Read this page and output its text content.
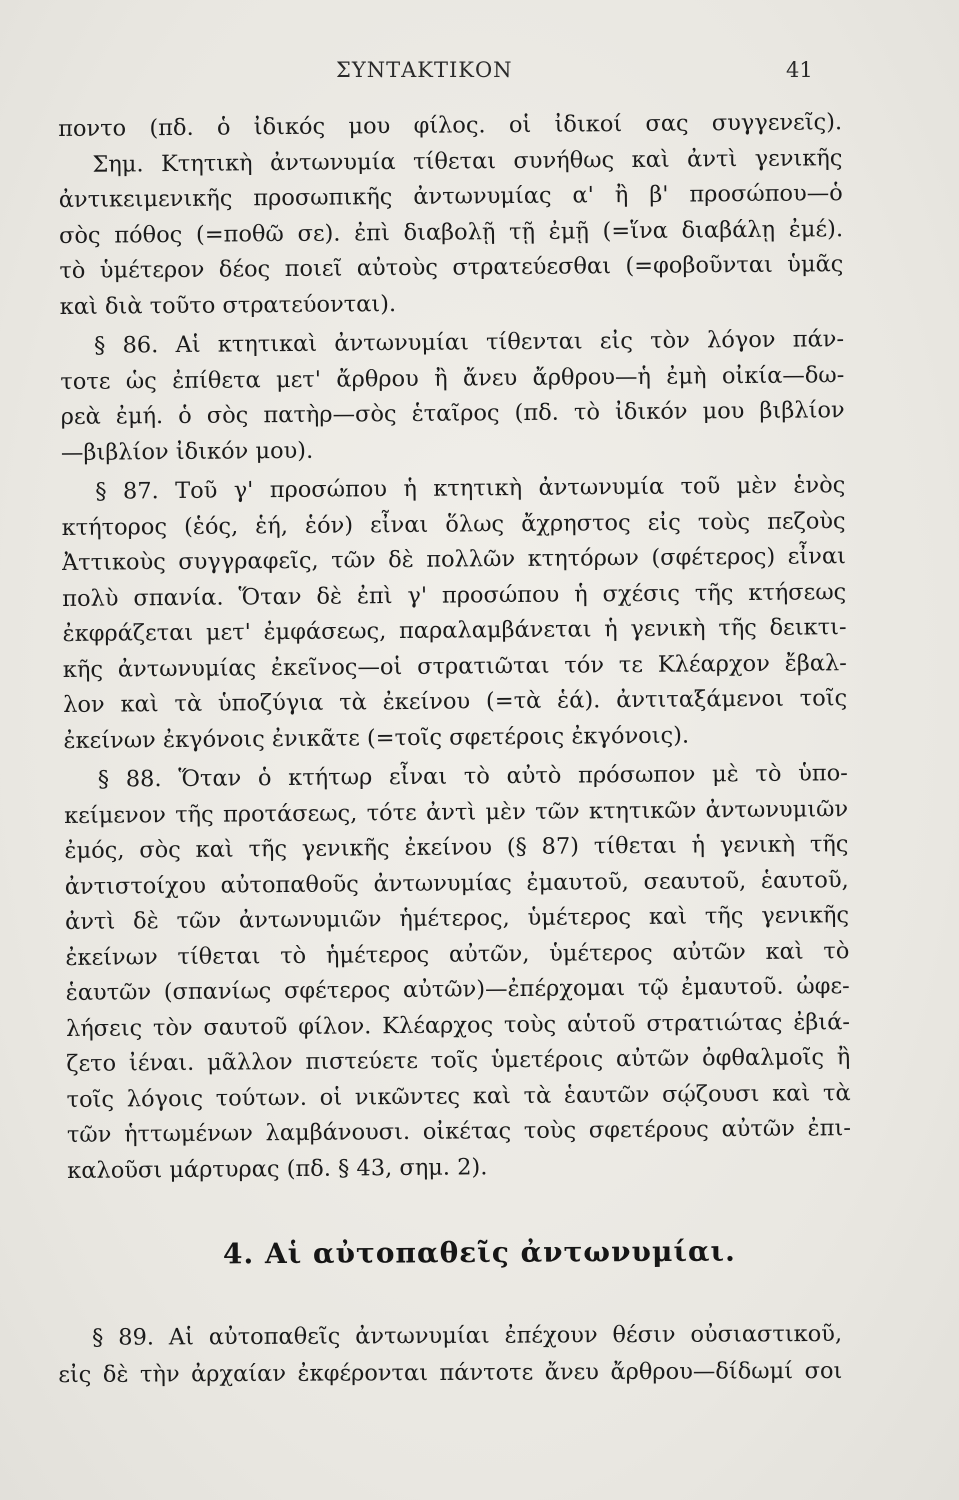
ΣΥΝΤΑΚΤΙΚΟΝ	41
ποντο (πδ. ὁ ἰδικός μου φίλος. οἱ ἰδικοί σας συγγενεῖς).
Σημ. Κτητικὴ ἀντωνυμία τίθεται συνήθως καὶ ἀντὶ γενικῆς
ἀντικειμενικῆς προσωπικῆς ἀντωνυμίας α' ἢ β' προσώπου—ὁ
σὸς πόθος (=ποθῶ σε). ἐπὶ διαβολῇ τῇ ἐμῇ (=ἵνα διαβάλῃ ἐμέ).
τὸ ὑμέτερον δέος ποιεῖ αὐτοὺς στρατεύεσθαι (=φοβοῦνται ὑμᾶς
καὶ διὰ τοῦτο στρατεύονται).
§ 86. Αἱ κτητικαὶ ἀντωνυμίαι τίθενται εἰς τὸν λόγον πάν-
τοτε ὡς ἐπίθετα μετ' ἄρθρου ἢ ἄνευ ἄρθρου—ἡ ἐμὴ οἰκία—δω-
ρεὰ ἐμή. ὁ σὸς πατὴρ—σὸς ἑταῖρος (πδ. τὸ ἰδικόν μου βιβλίον
—βιβλίον ἰδικόν μου).
§ 87. Τοῦ γ' προσώπου ἡ κτητικὴ ἀντωνυμία τοῦ μὲν ἑνὸς
κτήτορος (ἑός, ἑή, ἑόν) εἶναι ὅλως ἄχρηστος εἰς τοὺς πεζοὺς
Ἀττικοὺς συγγραφεῖς, τῶν δὲ πολλῶν κτητόρων (σφέτερος) εἶναι
πολὺ σπανία. Ὅταν δὲ ἐπὶ γ' προσώπου ἡ σχέσις τῆς κτήσεως
ἐκφράζεται μετ' ἐμφάσεως, παραλαμβάνεται ἡ γενικὴ τῆς δεικτι-
κῆς ἀντωνυμίας ἐκεῖνος—οἱ στρατιῶται τόν τε Κλέαρχον ἔβαλ-
λον καὶ τὰ ὑποζύγια τὰ ἐκείνου (=τὰ ἑά). ἀντιταξάμενοι τοῖς
ἐκείνων ἐκγόνοις ἐνικᾶτε (=τοῖς σφετέροις ἐκγόνοις).
§ 88. Ὅταν ὁ κτήτωρ εἶναι τὸ αὐτὸ πρόσωπον μὲ τὸ ὑπο-
κείμενον τῆς προτάσεως, τότε ἀντὶ μὲν τῶν κτητικῶν ἀντωνυμιῶν
ἐμός, σὸς καὶ τῆς γενικῆς ἐκείνου (§ 87) τίθεται ἡ γενικὴ τῆς
ἀντιστοίχου αὐτοπαθοῦς ἀντωνυμίας ἐμαυτοῦ, σεαυτοῦ, ἑαυτοῦ,
ἀντὶ δὲ τῶν ἀντωνυμιῶν ἡμέτερος, ὑμέτερος καὶ τῆς γενικῆς
ἐκείνων τίθεται τὸ ἡμέτερος αὐτῶν, ὑμέτερος αὐτῶν καὶ τὸ
ἑαυτῶν (σπανίως σφέτερος αὐτῶν)—ἐπέρχομαι τῷ ἐμαυτοῦ. ὠφε-
λήσεις τὸν σαυτοῦ φίλον. Κλέαρχος τοὺς αὑτοῦ στρατιώτας ἐβιά-
ζετο ἰέναι. μᾶλλον πιστεύετε τοῖς ὑμετέροις αὐτῶν ὀφθαλμοῖς ἢ
τοῖς λόγοις τούτων. οἱ νικῶντες καὶ τὰ ἑαυτῶν σῴζουσι καὶ τὰ
τῶν ἡττωμένων λαμβάνουσι. οἰκέτας τοὺς σφετέρους αὐτῶν ἐπι-
καλοῦσι μάρτυρας (πδ. § 43, σημ. 2).
4. Αἱ αὐτοπαθεῖς ἀντωνυμίαι.
§ 89. Αἱ αὐτοπαθεῖς ἀντωνυμίαι ἐπέχουν θέσιν οὐσιαστικοῦ,
εἰς δὲ τὴν ἀρχαίαν ἐκφέρονται πάντοτε ἄνευ ἄρθρου—δίδωμί σοι
